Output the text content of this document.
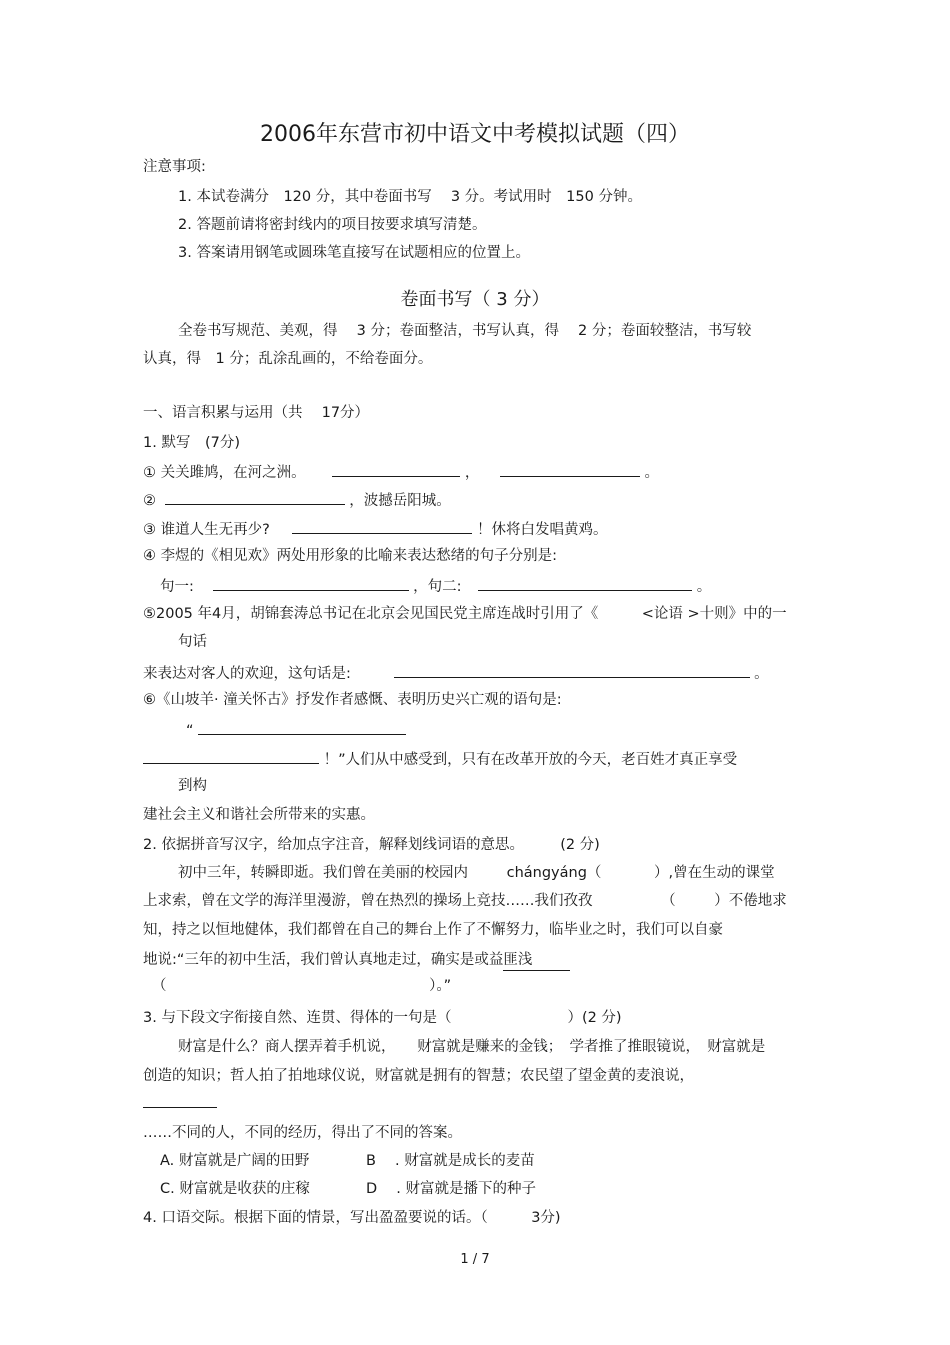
2006年东营市初中语文中考模拟试题（四）
注意事项:
1. 本试卷满分　120 分，其中卷面书写　 3 分。考试用时　150 分钟。
2. 答题前请将密封线内的项目按要求填写清楚。
3. 答案请用钢笔或圆珠笔直接写在试题相应的位置上。
卷面书写（ 3 分）
全卷书写规范、美观，得　 3 分；卷面整洁，书写认真，得　 2 分；卷面较整洁，书写较
认真，得　1 分；乱涂乱画的，不给卷面分。
一、语言积累与运用（共　 17分）
1. 默写　(7分)
① 关关雎鸠，在河之洲。	，	。
②	，波撼岳阳城。
③ 谁道人生无再少?	！休将白发唱黄鸡。
④ 李煜的《相见欢》两处用形象的比喻来表达愁绪的句子分别是:
句一:	，句二:	。
⑤2005 年4月，胡锦套涛总书记在北京会见国民党主席连战时引用了《　　　<论语 >十则》中的一
句话
来表达对客人的欢迎，这句话是:	。
⑥《山坡羊· 潼关怀古》抒发作者感慨、表明历史兴亡观的语句是:
“
！”人们从中感受到，只有在改革开放的今天，老百姓才真正享受
到构
建社会主义和谐社会所带来的实惠。
2. 依据拼音写汉字，给加点字注音，解释划线词语的意思。　　　(2 分)
初中三年，转瞬即逝。我们曾在美丽的校园内	chángyáng（	）,曾在生动的课堂
上求索，曾在文学的海洋里漫游，曾在热烈的操场上竞技……我们孜孜	（	）不倦地求
知，持之以恒地健体，我们都曾在自己的舞台上作了不懈努力，临毕业之时，我们可以自豪
地说:“三年的初中生活，我们曾认真地走过，确实是或益匪浅
（	）。”
3. 与下段文字衔接自然、连贯、得体的一句是（　　　　　　　　）(2 分)
财富是什么？商人摆弄着手机说，　　财富就是赚来的金钱；　学者推了推眼镜说，　财富就是
创造的知识；哲人拍了拍地球仪说，财富就是拥有的智慧；农民望了望金黄的麦浪说，
……不同的人，不同的经历，得出了不同的答案。
A. 财富就是广阔的田野	B　 . 财富就是成长的麦苗
C. 财富就是收获的庄稼	D　 . 财富就是播下的种子
4. 口语交际。根据下面的情景，写出盈盈要说的话。（　　　3分)
1 / 7
